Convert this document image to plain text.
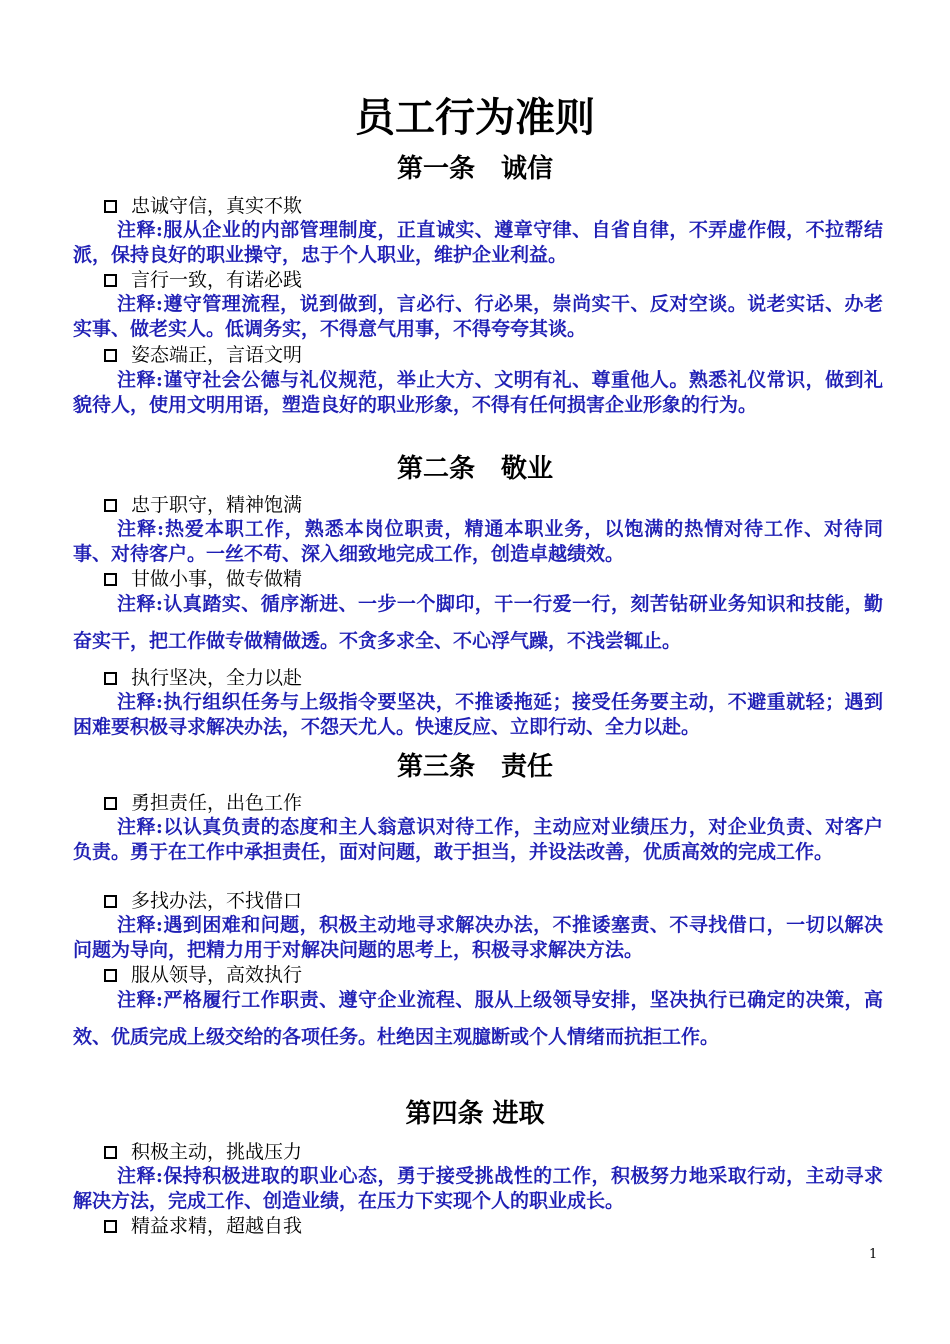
员工行为准则
第一条　诚信
忠诚守信，真实不欺
注释:服从企业的内部管理制度，正直诚实、遵章守律、自省自律，不弄虚作假，不拉帮结派，保持良好的职业操守，忠于个人职业，维护企业利益。
言行一致，有诺必践
注释:遵守管理流程，说到做到，言必行、行必果，崇尚实干、反对空谈。说老实话、办老实事、做老实人。低调务实，不得意气用事，不得夸夸其谈。
姿态端正，言语文明
注释:谨守社会公德与礼仪规范，举止大方、文明有礼、尊重他人。熟悉礼仪常识，做到礼貌待人，使用文明用语，塑造良好的职业形象，不得有任何损害企业形象的行为。
第二条　敬业
忠于职守，精神饱满
注释:热爱本职工作，熟悉本岗位职责，精通本职业务，以饱满的热情对待工作、对待同事、对待客户。一丝不苟、深入细致地完成工作，创造卓越绩效。
甘做小事，做专做精
注释:认真踏实、循序渐进、一步一个脚印，干一行爱一行，刻苦钻研业务知识和技能，勤奋实干，把工作做专做精做透。不贪多求全、不心浮气躁，不浅尝辄止。
执行坚决，全力以赴
注释:执行组织任务与上级指令要坚决，不推诿拖延；接受任务要主动，不避重就轻；遇到困难要积极寻求解决办法，不怨天尤人。快速反应、立即行动、全力以赴。
第三条　责任
勇担责任，出色工作
注释:以认真负责的态度和主人翁意识对待工作，主动应对业绩压力，对企业负责、对客户负责。勇于在工作中承担责任，面对问题，敢于担当，并设法改善，优质高效的完成工作。
多找办法，不找借口
注释:遇到困难和问题，积极主动地寻求解决办法，不推诿塞责、不寻找借口，一切以解决问题为导向，把精力用于对解决问题的思考上，积极寻求解决方法。
服从领导，高效执行
注释:严格履行工作职责、遵守企业流程、服从上级领导安排，坚决执行已确定的决策，高效、优质完成上级交给的各项任务。杜绝因主观臆断或个人情绪而抗拒工作。
第四条 进取
积极主动，挑战压力
注释:保持积极进取的职业心态，勇于接受挑战性的工作，积极努力地采取行动，主动寻求解决方法，完成工作、创造业绩，在压力下实现个人的职业成长。
精益求精，超越自我
1
